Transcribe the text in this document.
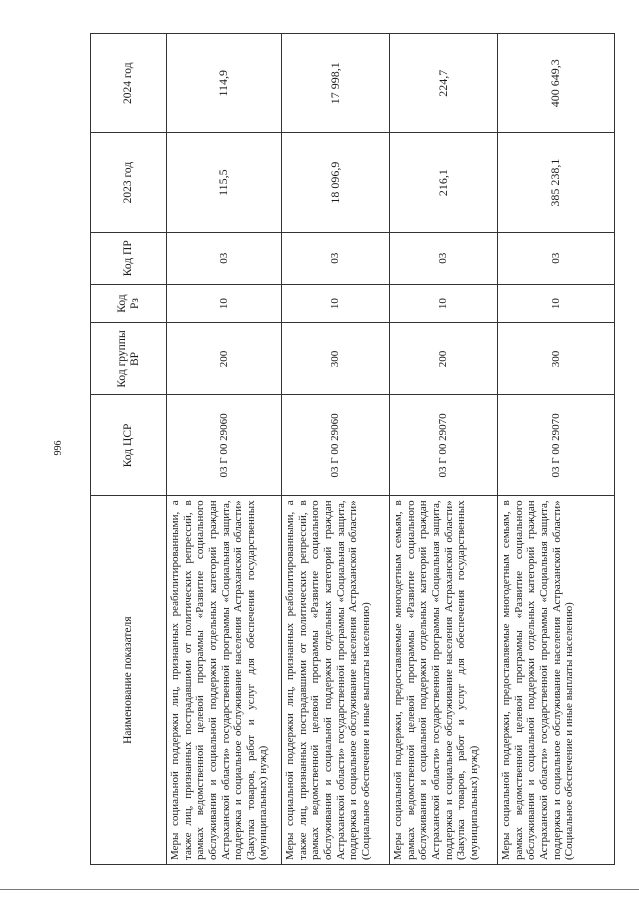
996
Наименование показателя	Код ЦСР	Код группы ВР	Код Рз	Код ПР	2023 год	2024 год
Меры социальной поддержки лиц, признанных реабилитированными, а также лиц, признанных пострадавшими от политических репрессий, в рамках ведомственной целевой программы «Развитие социального обслуживания и социальной поддержки отдельных категорий граждан Астраханской области» государственной программы «Социальная защита, поддержка и социальное обслуживание населения Астраханской области» (Закупка товаров, работ и услуг для обеспечения государственных (муниципальных) нужд)	03 Г 00 29060	200	10	03	115,5	114,9
Меры социальной поддержки лиц, признанных реабилитированными, а также лиц, признанных пострадавшими от политических репрессий, в рамках ведомственной целевой программы «Развитие социального обслуживания и социальной поддержки отдельных категорий граждан Астраханской области» государственной программы «Социальная защита, поддержка и социальное обслуживание населения Астраханской области» (Социальное обеспечение и иные выплаты населению)	03 Г 00 29060	300	10	03	18 096,9	17 998,1
Меры социальной поддержки, предоставляемые многодетным семьям, в рамках ведомственной целевой программы «Развитие социального обслуживания и социальной поддержки отдельных категорий граждан Астраханской области» государственной программы «Социальная защита, поддержка и социальное обслуживание населения Астраханской области» (Закупка товаров, работ и услуг для обеспечения государственных (муниципальных) нужд)	03 Г 00 29070	200	10	03	216,1	224,7
Меры социальной поддержки, предоставляемые многодетным семьям, в рамках ведомственной целевой программы «Развитие социального обслуживания и социальной поддержки отдельных категорий граждан Астраханской области» государственной программы «Социальная защита, поддержка и социальное обслуживание населения Астраханской области» (Социальное обеспечение и иные выплаты населению)	03 Г 00 29070	300	10	03	385 238,1	400 649,3
